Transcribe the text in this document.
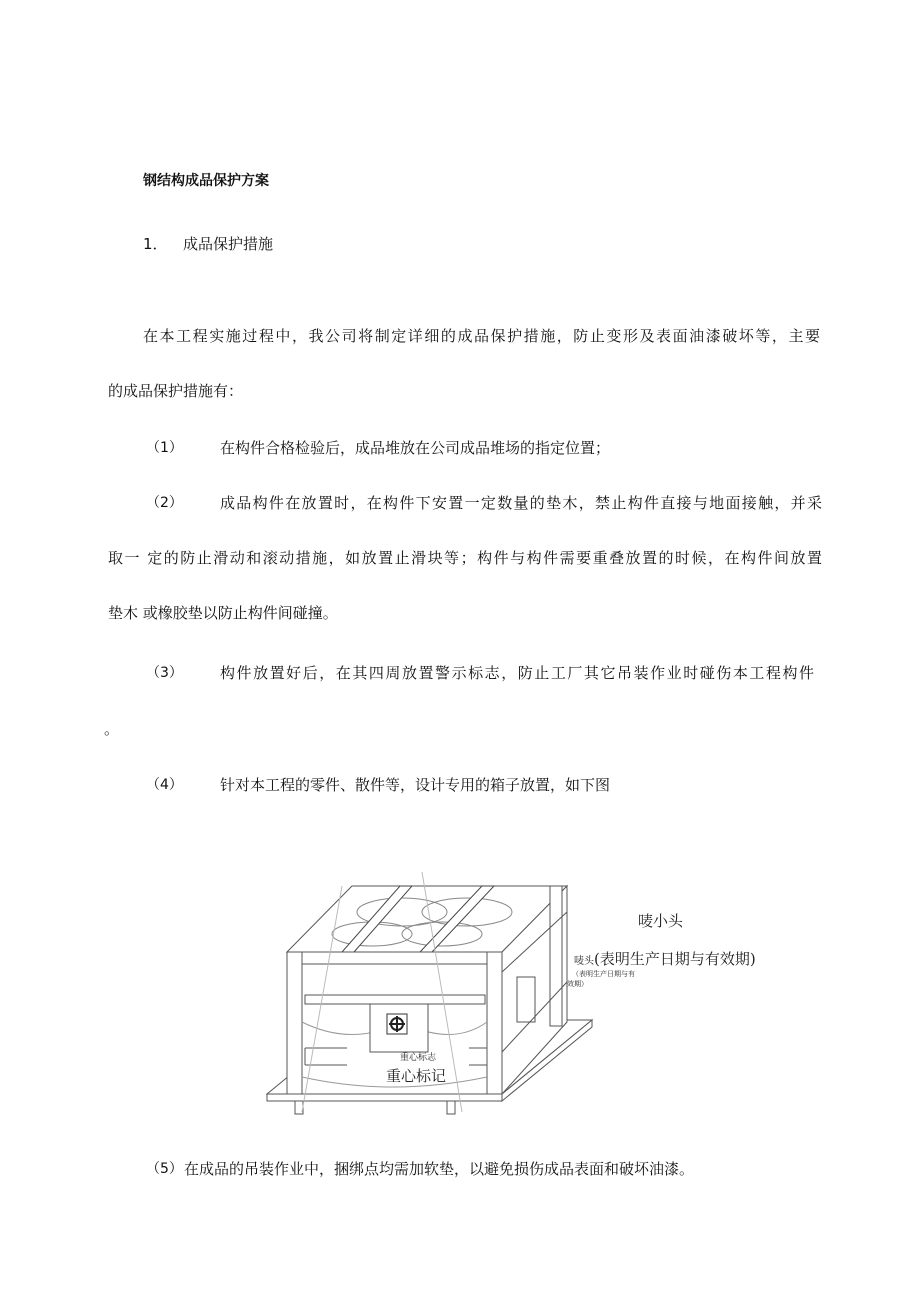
钢结构成品保护方案
1． 成品保护措施
在本工程实施过程中，我公司将制定详细的成品保护措施，防止变形及表面油漆破坏等，主要
的成品保护措施有：
（1） 在构件合格检验后，成品堆放在公司成品堆场的指定位置；
（2） 成品构件在放置时，在构件下安置一定数量的垫木，禁止构件直接与地面接触，并采
取一 定的防止滑动和滚动措施，如放置止滑块等；构件与构件需要重叠放置的时候，在构件间放置
垫木 或橡胶垫以防止构件间碰撞。
（3） 构件放置好后，在其四周放置警示标志，防止工厂其它吊装作业时碰伤本工程构件
。
（4） 针对本工程的零件、散件等，设计专用的箱子放置，如下图
唛小头
唛头 (表明生产日期与有效期)
（表明生产日期与有
效期）
重心标志
重心标记
（5） 在成品的吊装作业中，捆绑点均需加软垫，以避免损伤成品表面和破坏油漆。
